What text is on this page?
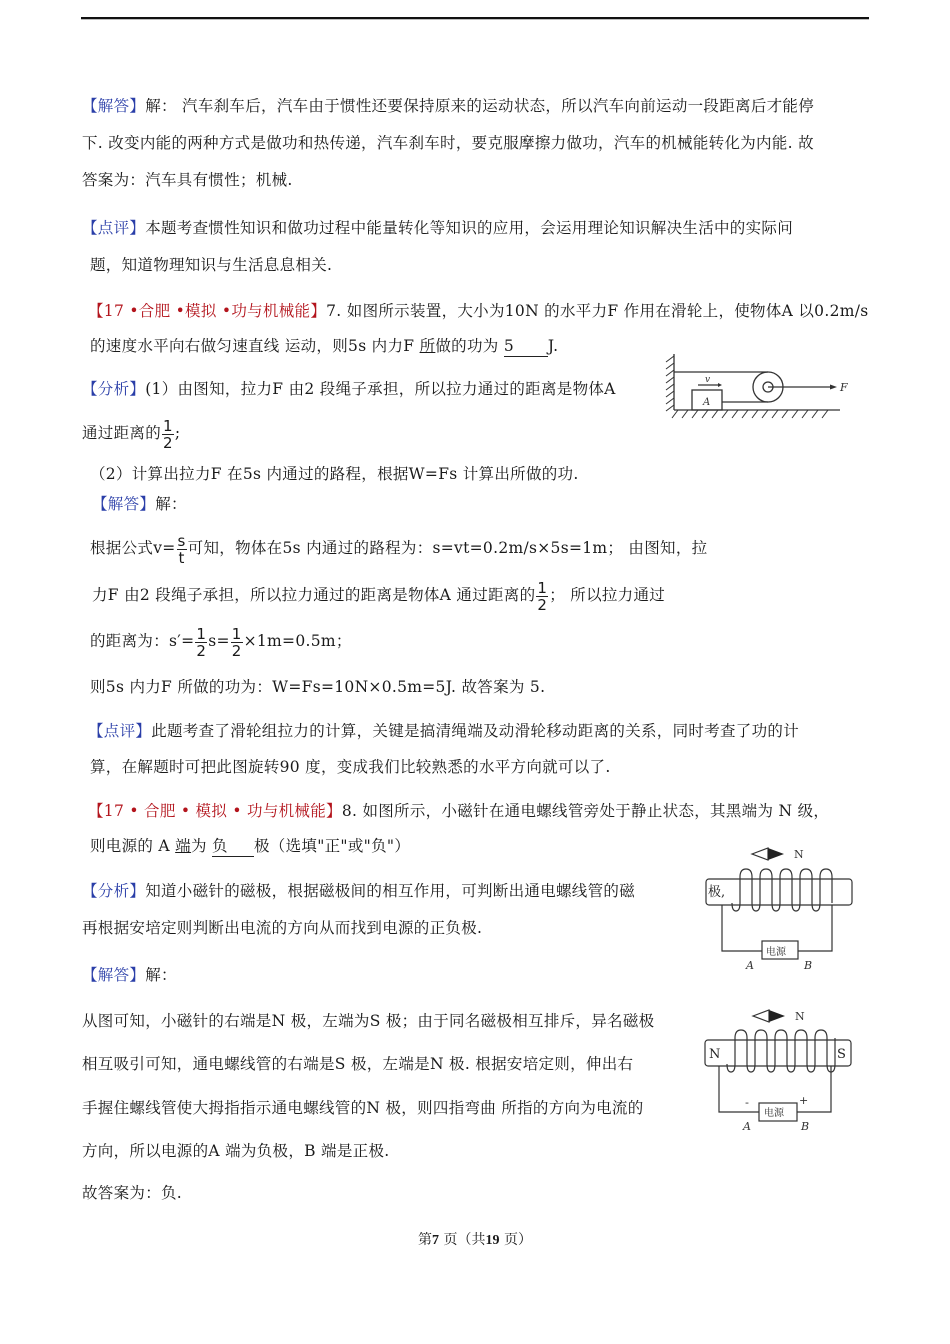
【解答】解： 汽车刹车后，汽车由于惯性还要保持原来的运动状态，所以汽车向前运动一段距离后才能停
下. 改变内能的两种方式是做功和热传递，汽车刹车时，要克服摩擦力做功，汽车的机械能转化为内能. 故
答案为：汽车具有惯性；机械.
【点评】本题考查惯性知识和做功过程中能量转化等知识的应用，会运用理论知识解决生活中的实际问
题，知道物理知识与生活息息相关.
【17 •合肥 •模拟 •功与机械能】7. 如图所示装置，大小为10N 的水平力F 作用在滑轮上，使物体A 以0.2m/s
的速度水平向右做匀速直线 运动，则5s 内力F 所做的功为 5 J.
v
A
F
【分析】(1）由图知，拉力F 由2 段绳子承担，所以拉力通过的距离是物体A
通过距离的 $\frac{1}{2}$ ;
（2）计算出拉力F 在5s 内通过的路程，根据W=Fs 计算出所做的功.
【解答】解：
根据公式$v= \frac{s}{t}$ 可知，物体在5s 内通过的路程为：s=vt=0.2m/s×5s=1m； 由图知，拉
力F 由2 段绳子承担，所以拉力通过的距离是物体A 通过距离的 $\frac{1}{2}$ ； 所以拉力通过
的距离为：$s'= \frac{1}{2} s= \frac{1}{2} \times 1m=0.5m$；
则5s 内力F 所做的功为：W=Fs=10N×0.5m=5J. 故答案为 5.
【点评】此题考查了滑轮组拉力的计算，关键是搞清绳端及动滑轮移动距离的关系，同时考查了功的计
算，在解题时可把此图旋转90 度，变成我们比较熟悉的水平方向就可以了.
【17 • 合肥 • 模拟 • 功与机械能】8. 如图所示，小磁针在通电螺线管旁处于静止状态，其黑端为 N 级，
则电源的 A 端为 负 极（选填"正"或"负"）	N
极,
电源
A	B
【分析】知道小磁针的磁极，根据磁极间的相互作用，可判断出通电螺线管的磁
再根据安培定则判断出电流的方向从而找到电源的正负极.
【解答】解：
从图可知，小磁针的右端是N 极，左端为S 极；由于同名磁极相互排斥，异名磁极
相互吸引可知，通电螺线管的右端是S 极，左端是N 极. 根据安培定则，伸出右
手握住螺线管使大拇指指示通电螺线管的N 极，则四指弯曲 所指的方向为电流的
方向，所以电源的A 端为负极，B 端是正极.
故答案为：负.
N
N	S
-	+
电源
A	B
第7 页（共19 页）
